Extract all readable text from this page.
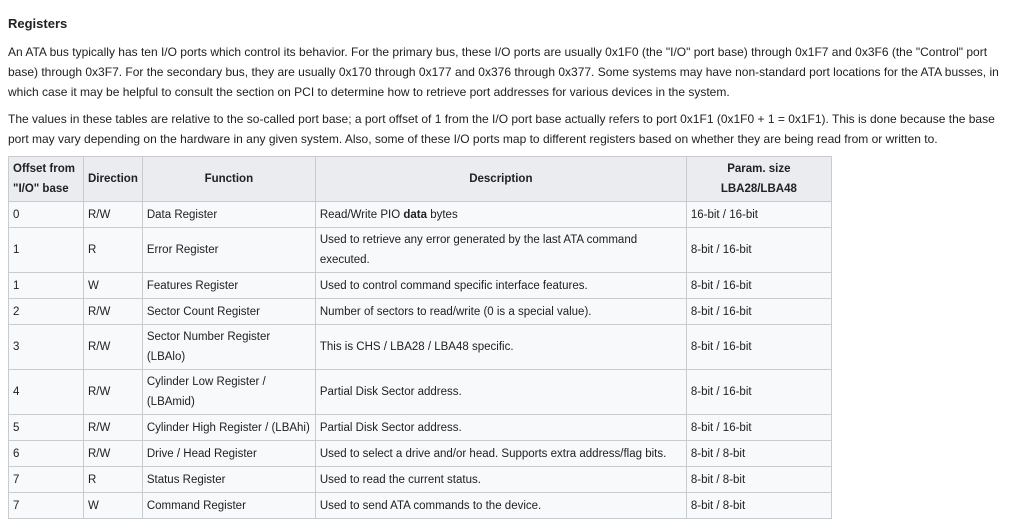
Registers

An ATA bus typically has ten I/O ports which control its behavior. For the primary bus, these I/O ports are usually 0x1F0 (the "I/O" port base) through 0x1F7 and 0x3F6 (the "Control" port base) through 0x3F7. For the secondary bus, they are usually 0x170 through 0x177 and 0x376 through 0x377. Some systems may have non-standard port locations for the ATA busses, in which case it may be helpful to consult the section on PCI to determine how to retrieve port addresses for various devices in the system.

The values in these tables are relative to the so-called port base; a port offset of 1 from the I/O port base actually refers to port 0x1F1 (0x1F0 + 1 = 0x1F1). This is done because the base port may vary depending on the hardware in any given system. Also, some of these I/O ports map to different registers based on whether they are being read from or written to.

Offset from
"I/O" base	Direction	Function	Description	Param. size LBA28/LBA48
0	R/W	Data Register	Read/Write PIO data bytes	16-bit / 16-bit
1	R	Error Register	Used to retrieve any error generated by the last ATA command executed.	8-bit / 16-bit
1	W	Features Register	Used to control command specific interface features.	8-bit / 16-bit
2	R/W	Sector Count Register	Number of sectors to read/write (0 is a special value).	8-bit / 16-bit
3	R/W	Sector Number Register (LBAlo)	This is CHS / LBA28 / LBA48 specific.	8-bit / 16-bit
4	R/W	Cylinder Low Register / (LBAmid)	Partial Disk Sector address.	8-bit / 16-bit
5	R/W	Cylinder High Register / (LBAhi)	Partial Disk Sector address.	8-bit / 16-bit
6	R/W	Drive / Head Register	Used to select a drive and/or head. Supports extra address/flag bits.	8-bit / 8-bit
7	R	Status Register	Used to read the current status.	8-bit / 8-bit
7	W	Command Register	Used to send ATA commands to the device.	8-bit / 8-bit
